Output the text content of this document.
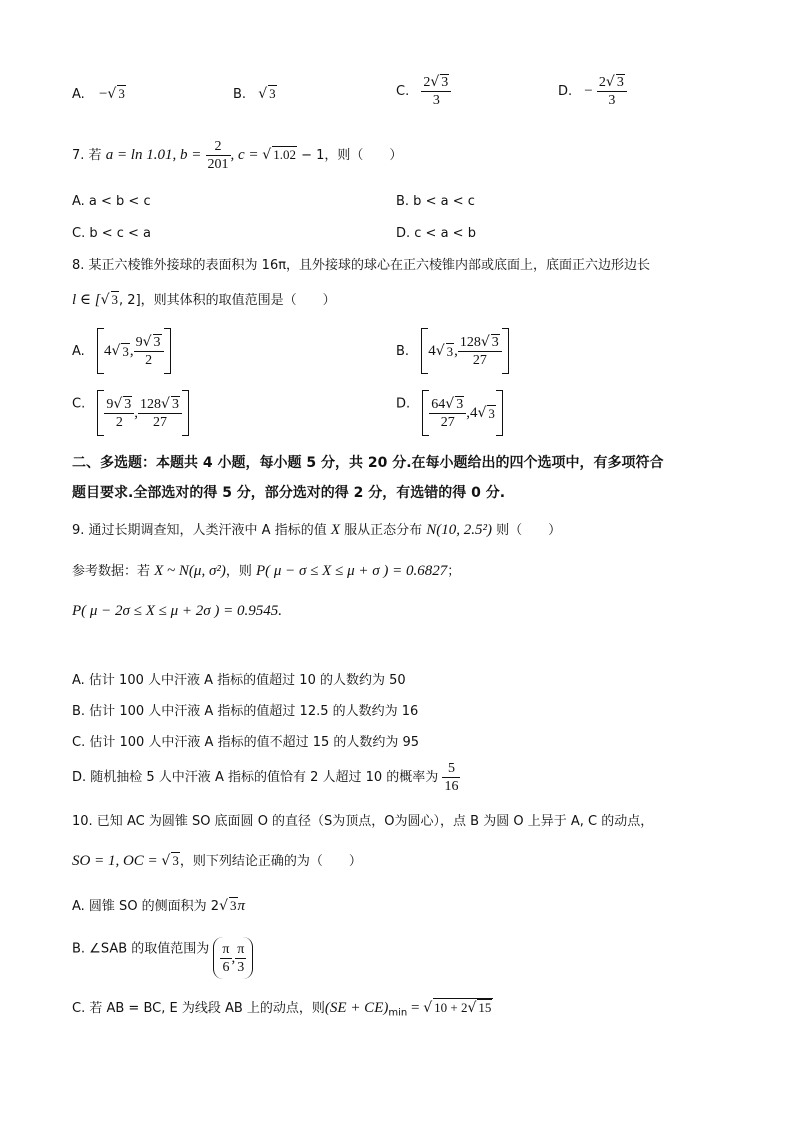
A. −√ 3	B. √ 3	C. $\frac{2√ 3}{3}$	D. − $\frac{2√ 3}{3}$
7. 若 a = ln 1.01, $b = \frac{2}{201}$ , c = √ 1.02 − 1，则（　　）
A. a < b < c	B. b < a < c
C. b < c < a	D. c < a < b
8. 某正六棱锥外接球的表面积为 16π，且外接球的球心在正六棱锥内部或底面上，底面正六边形边长
l ∈ [√ 3, 2]，则其体积的取值范围是（　　）
A. 4 √ 3 , $\frac{9√ 3}{2}$	B. 4 √ 3 , $\frac{128√ 3}{27}$
C. $\frac{9√ 3}{2}$ , $\frac{128√ 3}{27}$	D. $\frac{64√ 3}{27}$ , 4 √ 3
二、多选题：本题共 4 小题，每小题 5 分，共 20 分.在每小题给出的四个选项中，有多项符合
题目要求.全部选对的得 5 分，部分选对的得 2 分，有选错的得 0 分.
9. 通过长期调查知，人类汗液中 A 指标的值 X 服从正态分布 N(10, 2.5²) 则（　　）
参考数据：若 X ~ N(μ, σ²)，则 P( μ − σ ≤ X ≤ μ + σ ) = 0.6827；
P( μ − 2σ ≤ X ≤ μ + 2σ ) = 0.9545.
A. 估计 100 人中汗液 A 指标的值超过 10 的人数约为 50
B. 估计 100 人中汗液 A 指标的值超过 12.5 的人数约为 16
C. 估计 100 人中汗液 A 指标的值不超过 15 的人数约为 95
D. 随机抽检 5 人中汗液 A 指标的值恰有 2 人超过 10 的概率为 $\frac{5}{16}$
10. 已知 AC 为圆锥 SO 底面圆 O 的直径（S为顶点，O为圆心），点 B 为圆 O 上异于 A, C 的动点，
SO = 1, OC = √ 3，则下列结论正确的为（　　）
A. 圆锥 SO 的侧面积为 2√ 3π
B. ∠SAB 的取值范围为 $\frac{\pi}{6}$ , $\frac{\pi}{3}$
C. 若 AB = BC, E 为线段 AB 上的动点，则$(SE + CE)_{min}$ = √ 10 + 2√ 15
